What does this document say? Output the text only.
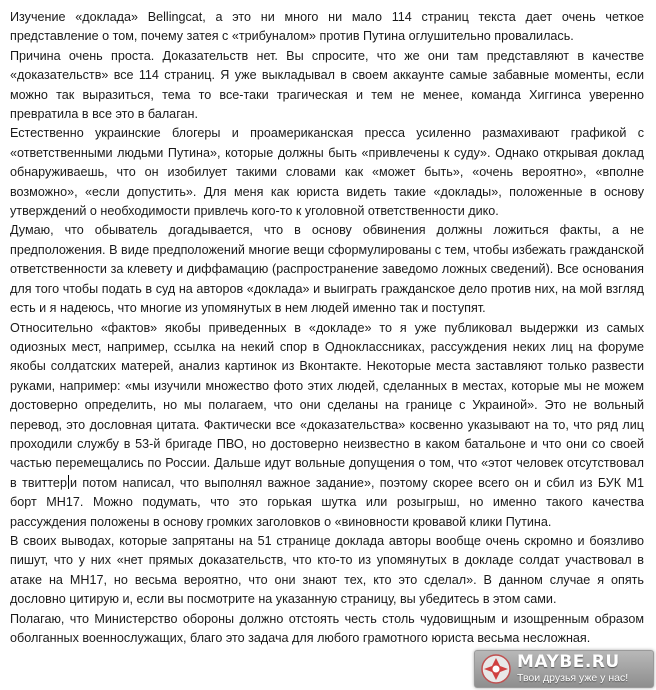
Изучение «доклада» Bellingcat, а это ни много ни мало 114 страниц текста дает очень четкое представление о том, почему затея с «трибуналом» против Путина оглушительно провалилась.

Причина очень проста. Доказательств нет. Вы спросите, что же они там представляют в качестве «доказательств» все 114 страниц. Я уже выкладывал в своем аккаунте самые забавные моменты, если можно так выразиться, тема то все-таки трагическая и тем не менее, команда Хиггинса уверенно превратила в все это в балаган.

Естественно украинские блогеры и проамериканская пресса усиленно размахивают графикой с «ответственными людьми Путина», которые должны быть «привлечены к суду». Однако открывая доклад обнаруживаешь, что он изобилует такими словами как «может быть», «очень вероятно», «вполне возможно», «если допустить». Для меня как юриста видеть такие «доклады», положенные в основу утверждений о необходимости привлечь кого-то к уголовной ответственности дико.

Думаю, что обыватель догадывается, что в основу обвинения должны ложиться факты, а не предположения. В виде предположений многие вещи сформулированы с тем, чтобы избежать гражданской ответственности за клевету и диффамацию (распространение заведомо ложных сведений). Все основания для того чтобы подать в суд на авторов «доклада» и выиграть гражданское дело против них, на мой взгляд есть и я надеюсь, что многие из упомянутых в нем людей именно так и поступят.

Относительно «фактов» якобы приведенных в «докладе» то я уже публиковал выдержки из самых одиозных мест, например, ссылка на некий спор в Одноклассниках, рассуждения неких лиц на форуме якобы солдатских матерей, анализ картинок из Вконтакте. Некоторые места заставляют только развести руками, например: «мы изучили множество фото этих людей, сделанных в местах, которые мы не можем достоверно определить, но мы полагаем, что они сделаны на границе с Украиной». Это не вольный перевод, это дословная цитата. Фактически все «доказательства» косвенно указывают на то, что ряд лиц проходили службу в 53-й бригаде ПВО, но достоверно неизвестно в каком батальоне и что они со своей частью перемещались по России. Дальше идут вольные допущения о том, что «этот человек отсутствовал в твиттер и потом написал, что выполнял важное задание», поэтому скорее всего он и сбил из БУК М1 борт МН17. Можно подумать, что это горькая шутка или розыгрыш, но именно такого качества рассуждения положены в основу громких заголовков о «виновности кровавой клики Путина.

В своих выводах, которые запрятаны на 51 странице доклада авторы вообще очень скромно и боязливо пишут, что у них «нет прямых доказательств, что кто-то из упомянутых в докладе солдат участвовал в атаке на МН17, но весьма вероятно, что они знают тех, кто это сделал». В данном случае я опять дословно цитирую и, если вы посмотрите на указанную страницу, вы убедитесь в этом сами.

Полагаю, что Министерство обороны должно отстоять честь столь чудовищным и изощренным образом оболганных военнослужащих, благо это задача для любого грамотного юриста весьма несложная.

MAYBE.RU
Твои друзья уже у нас!
